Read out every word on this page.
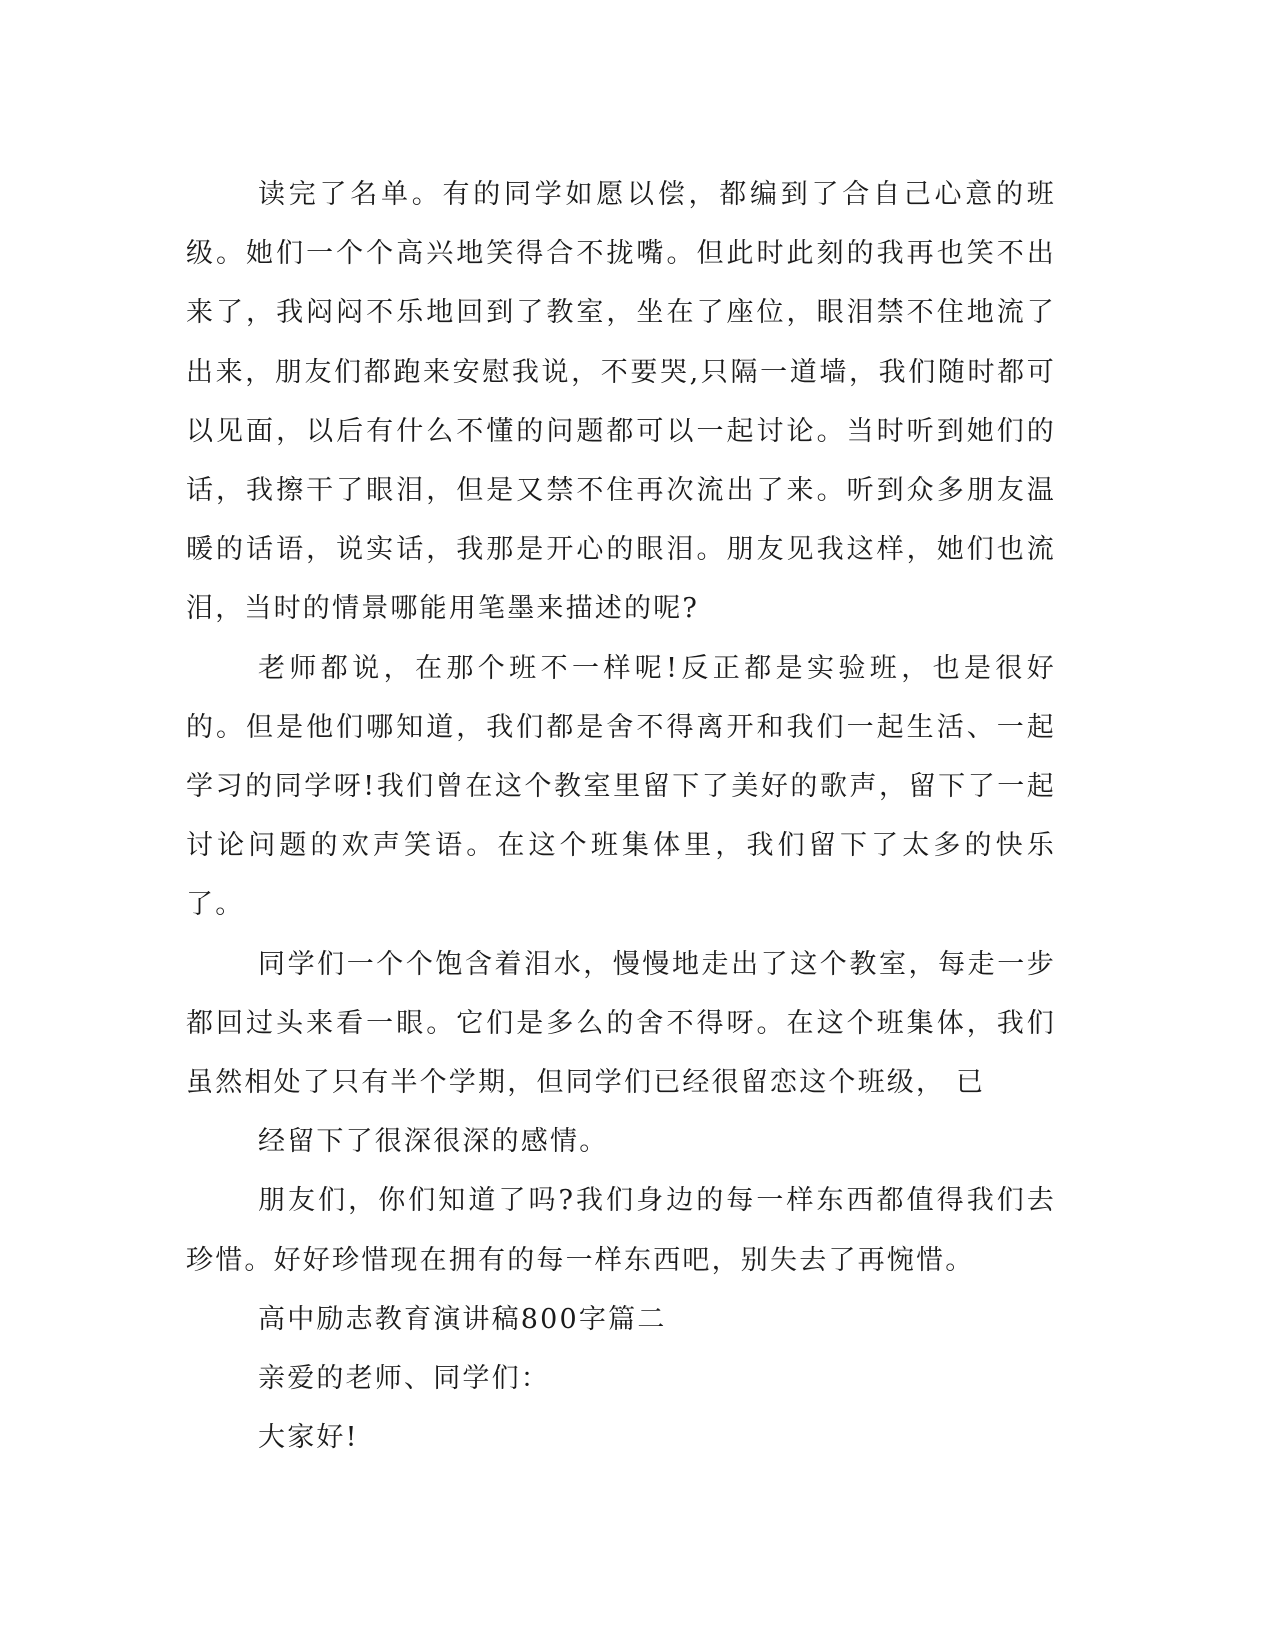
读完了名单。有的同学如愿以偿，都编到了合自己心意的班级。她们一个个高兴地笑得合不拢嘴。但此时此刻的我再也笑不出来了，我闷闷不乐地回到了教室，坐在了座位，眼泪禁不住地流了出来，朋友们都跑来安慰我说，不要哭,只隔一道墙，我们随时都可以见面，以后有什么不懂的问题都可以一起讨论。当时听到她们的话，我擦干了眼泪，但是又禁不住再次流出了来。听到众多朋友温暖的话语，说实话，我那是开心的眼泪。朋友见我这样，她们也流泪，当时的情景哪能用笔墨来描述的呢?

老师都说，在那个班不一样呢!反正都是实验班，也是很好的。但是他们哪知道，我们都是舍不得离开和我们一起生活、一起学习的同学呀!我们曾在这个教室里留下了美好的歌声，留下了一起讨论问题的欢声笑语。在这个班集体里，我们留下了太多的快乐了。

同学们一个个饱含着泪水，慢慢地走出了这个教室，每走一步都回过头来看一眼。它们是多么的舍不得呀。在这个班集体，我们虽然相处了只有半个学期，但同学们已经很留恋这个班级， 已

经留下了很深很深的感情。

朋友们，你们知道了吗?我们身边的每一样东西都值得我们去珍惜。好好珍惜现在拥有的每一样东西吧，别失去了再惋惜。

高中励志教育演讲稿800字篇二

亲爱的老师、同学们：

大家好!
